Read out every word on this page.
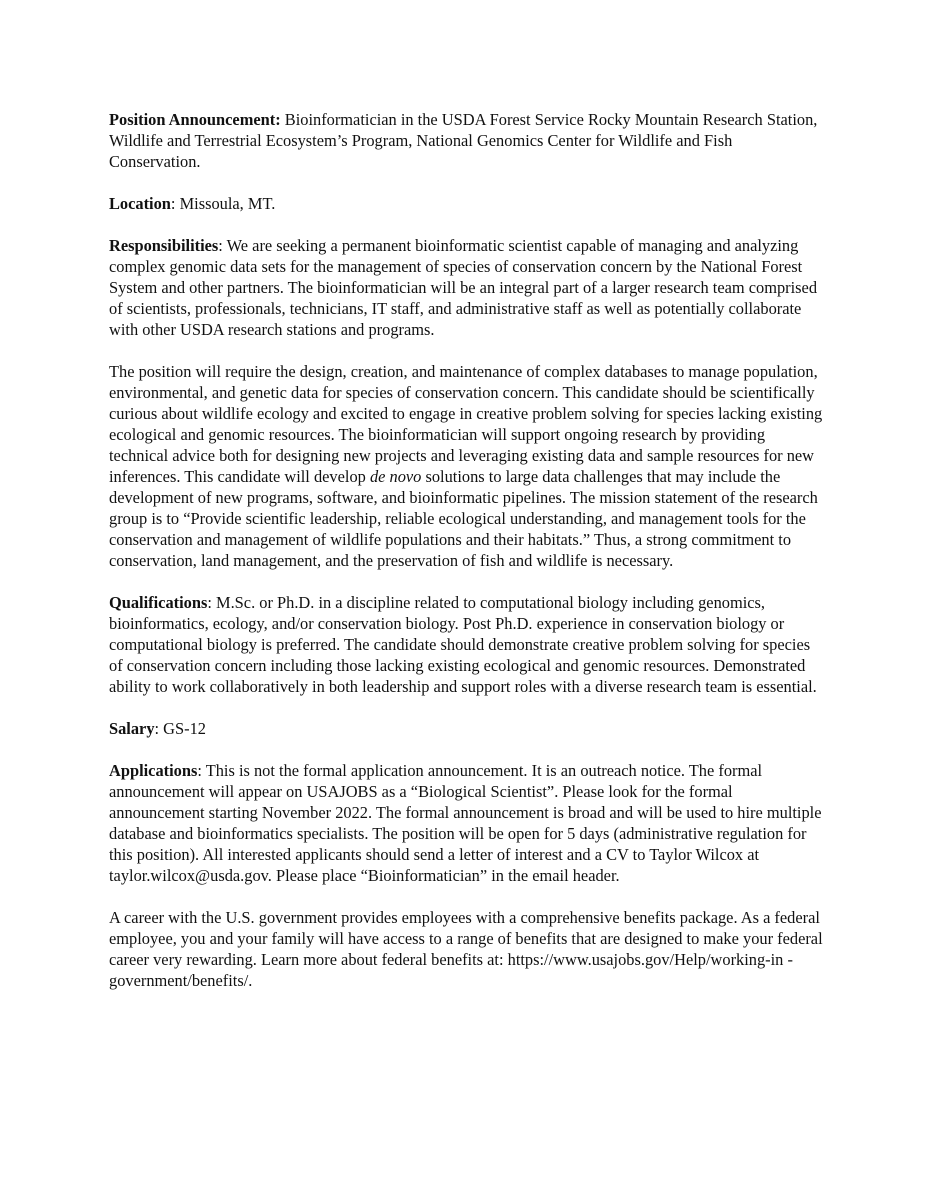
Position Announcement: Bioinformatician in the USDA Forest Service Rocky Mountain Research Station, Wildlife and Terrestrial Ecosystem’s Program, National Genomics Center for Wildlife and Fish Conservation.

Location: Missoula, MT.

Responsibilities: We are seeking a permanent bioinformatic scientist capable of managing and analyzing complex genomic data sets for the management of species of conservation concern by the National Forest System and other partners. The bioinformatician will be an integral part of a larger research team comprised of scientists, professionals, technicians, IT staff, and administrative staff as well as potentially collaborate with other USDA research stations and programs.

The position will require the design, creation, and maintenance of complex databases to manage population, environmental, and genetic data for species of conservation concern. This candidate should be scientifically curious about wildlife ecology and excited to engage in creative problem solving for species lacking existing ecological and genomic resources. The bioinformatician will support ongoing research by providing technical advice both for designing new projects and leveraging existing data and sample resources for new inferences. This candidate will develop de novo solutions to large data challenges that may include the development of new programs, software, and bioinformatic pipelines. The mission statement of the research group is to “Provide scientific leadership, reliable ecological understanding, and management tools for the conservation and management of wildlife populations and their habitats.” Thus, a strong commitment to conservation, land management, and the preservation of fish and wildlife is necessary.

Qualifications: M.Sc. or Ph.D. in a discipline related to computational biology including genomics, bioinformatics, ecology, and/or conservation biology. Post Ph.D. experience in conservation biology or computational biology is preferred. The candidate should demonstrate creative problem solving for species of conservation concern including those lacking existing ecological and genomic resources. Demonstrated ability to work collaboratively in both leadership and support roles with a diverse research team is essential.

Salary: GS-12

Applications: This is not the formal application announcement. It is an outreach notice. The formal announcement will appear on USAJOBS as a “Biological Scientist”. Please look for the formal announcement starting November 2022. The formal announcement is broad and will be used to hire multiple database and bioinformatics specialists. The position will be open for 5 days (administrative regulation for this position). All interested applicants should send a letter of interest and a CV to Taylor Wilcox at taylor.wilcox@usda.gov. Please place “Bioinformatician” in the email header.

A career with the U.S. government provides employees with a comprehensive benefits package. As a federal employee, you and your family will have access to a range of benefits that are designed to make your federal career very rewarding. Learn more about federal benefits at: https://www.usajobs.gov/Help/working-in -government/benefits/.
